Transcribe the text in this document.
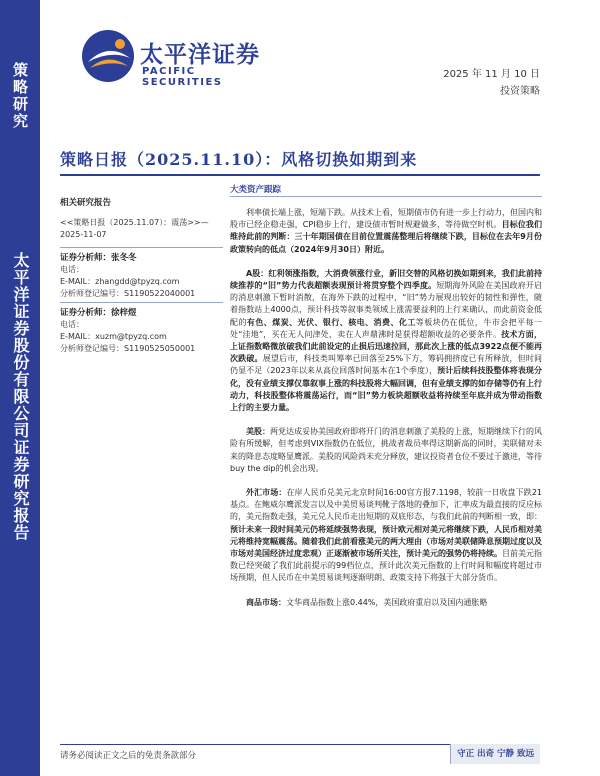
策略研究
太平洋证券股份有限公司证券研究报告
太平洋证券
PACIFIC SECURITIES
2025 年 11 月 10 日
投资策略
策略日报（2025.11.10）：风格切换如期到来
大类资产跟踪
相关研究报告
<<策略日报（2025.11.07）：震荡>>—2025-11-07
证券分析师：张冬冬
电话：
E-MAIL：zhangdd@tpyzq.com
分析师登记编号：S1190522040001
证券分析师：徐梓煜
电话：
E-MAIL：xuzm@tpyzq.com
分析师登记编号：S1190525050001

利率债长端上涨，短端下跌。从技术上看，短期债市仍有进一步上行动力，但国内和股市已经企稳走强，CPI稳步上行，建设债市暂时规避做多，等待做空时机。目标位我们维持此前的判断：三十年期国债在目前位置震荡整理后将继续下跌，目标位在去年9月份政策转向的低点（2024年9月30日）附近。

A股：红利领涨指数，大消费领涨行业，新旧交替的风格切换如期到来，我们此前持续推荐的“旧”势力代表超额表现预计将贯穿整个四季度。短期海外风险在美国政府开启的消息刺激下暂时消散，在海外下跌的过程中，“旧”势力展现出较好的韧性和弹性，随着指数站上4000点，预计科技等叙事类领域上涨需要益利的上行来确认，而此前资金低配的有色、煤炭、光伏、银行、核电、消费、化工等板块仍在低位，牛市会把平每一处“洼地”，买在无人问津处，卖在人声鼎沸时是获得超额收益的必要条件。技术方面，上证指数略微放破我们此前设定的止损后迅速拉回，那此次上涨的低点3922点便不能再次跌破。展望后市，科技类叫筹率已回落至25%下方，筹码拥挤度已有所释放，但时间仍显不足（2023年以来从高位回落时间基本在1个季度），预计后续科技股整体将表现分化，没有业绩支撑仅靠叙事上涨的科技股将大幅回调，但有业绩支撑的如存储等仍有上行动力，科技股整体将震荡运行，而“旧”势力板块超额收益将持续至年底并成为带动指数上行的主要力量。

美股：两党达成妥协美国政府即将开门的消息刺激了美股的上涨，短期继续下行的风险有所缓解，但考虑到VIX指数仍在低位，挑战者裁员率得这期新高的同时，美联储对未来的降息态度略显鹰派。美股的风险尚未充分释放，建议投资者仓位不要过于激进，等待buy the dip的机会出现。

外汇市场：在岸人民币兑美元北京时间16:00官方报7.1198，较前一日收盘下跌21基点。在鲍威尔鹰派发言以及中美贸易谈判靴子落地的叠加下，汇率成为最直接的反应标的，美元指数走强，美元兑人民币走出短期的双底形态，与我们此前的判断相一致，即：预计未来一段时间美元仍将延续强势表现，预计欧元相对美元将继续下跌，人民币相对美元将维持宽幅震荡。随着我们此前看涨美元的两大理由（市场对美联储降息预期过度以及市场对美国经济过度悲观）正逐渐被市场所关注，预计美元的强势仍将持续。目前美元指数已经突破了我们此前提示的99档位点，预计此次美元指数的上行时间和幅度将超过市场预期，但人民币在中美贸易谈判逐渐明朗、政策支持下将强于大部分货币。

商品市场：文华商品指数上涨0.44%，美国政府重启以及国内通胀略

请务必阅读正文之后的免责条款部分	守正 出奇 宁静 致远
